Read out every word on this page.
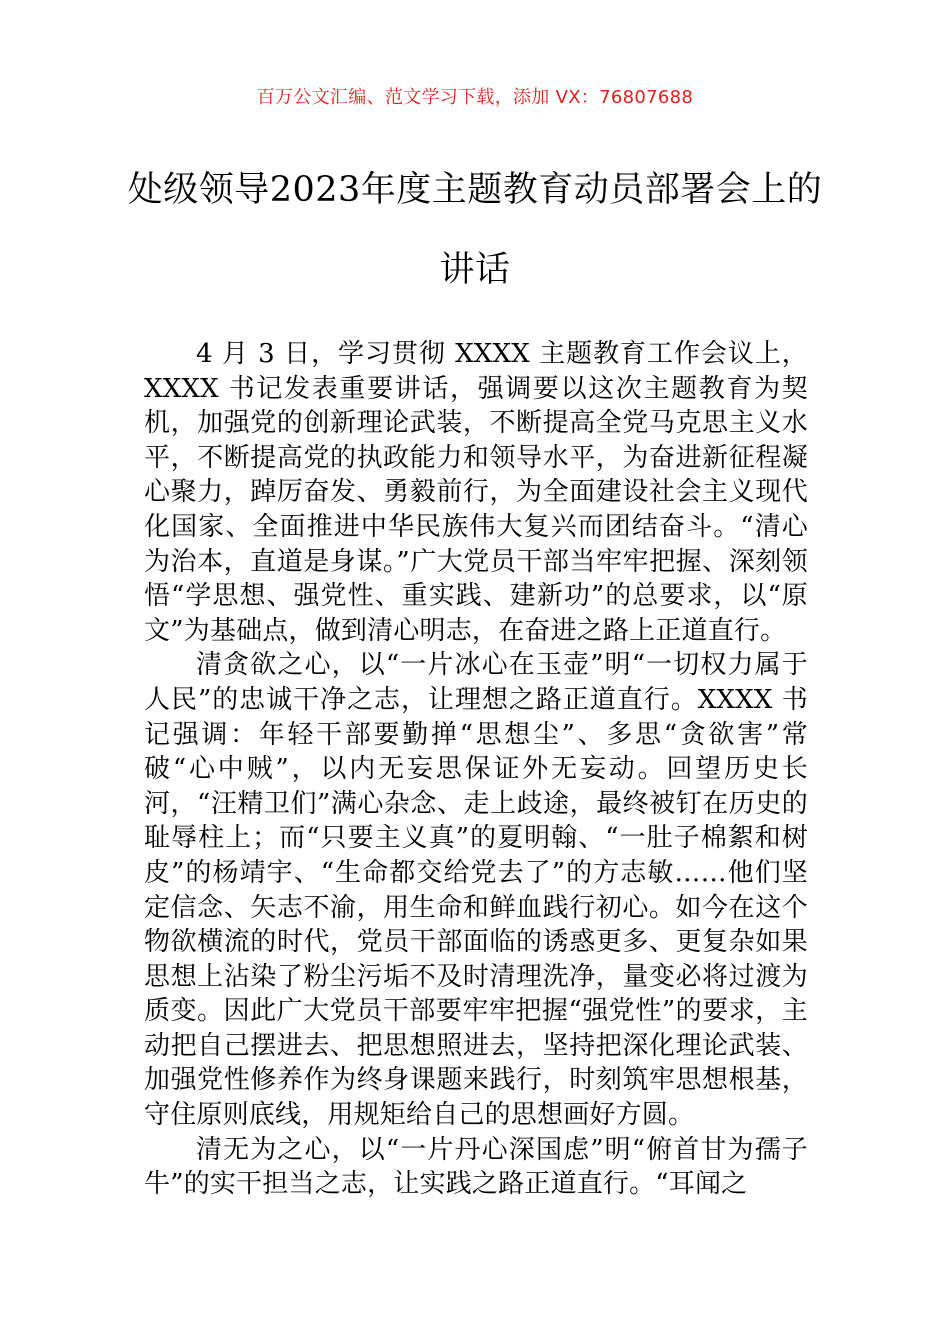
百万公文汇编、范文学习下载，添加 VX：76807688
处级领导2023年度主题教育动员部署会上的讲话

4 月 3 日，学习贯彻 XXXX 主题教育工作会议上，XXXX 书记发表重要讲话，强调要以这次主题教育为契机，加强党的创新理论武装，不断提高全党马克思主义水平，不断提高党的执政能力和领导水平，为奋进新征程凝心聚力，踔厉奋发、勇毅前行，为全面建设社会主义现代化国家、全面推进中华民族伟大复兴而团结奋斗。“清心为治本，直道是身谋。”广大党员干部当牢牢把握、深刻领悟“学思想、强党性、重实践、建新功”的总要求，以“原文”为基础点，做到清心明志，在奋进之路上正道直行。

清贪欲之心，以“一片冰心在玉壶”明“一切权力属于人民”的忠诚干净之志，让理想之路正道直行。XXXX 书记强调：年轻干部要勤掸“思想尘”、多思“贪欲害”常破“心中贼”，以内无妄思保证外无妄动。回望历史长河，“汪精卫们”满心杂念、走上歧途，最终被钉在历史的耻辱柱上；而“只要主义真”的夏明翰、“一肚子棉絮和树皮”的杨靖宇、“生命都交给党去了”的方志敏……他们坚定信念、矢志不渝，用生命和鲜血践行初心。如今在这个物欲横流的时代，党员干部面临的诱惑更多、更复杂如果思想上沾染了粉尘污垢不及时清理洗净，量变必将过渡为质变。因此广大党员干部要牢牢把握“强党性”的要求，主动把自己摆进去、把思想照进去，坚持把深化理论武装、加强党性修养作为终身课题来践行，时刻筑牢思想根基，守住原则底线，用规矩给自己的思想画好方圆。

清无为之心，以“一片丹心深国虑”明“俯首甘为孺子牛”的实干担当之志，让实践之路正道直行。“耳闻之
